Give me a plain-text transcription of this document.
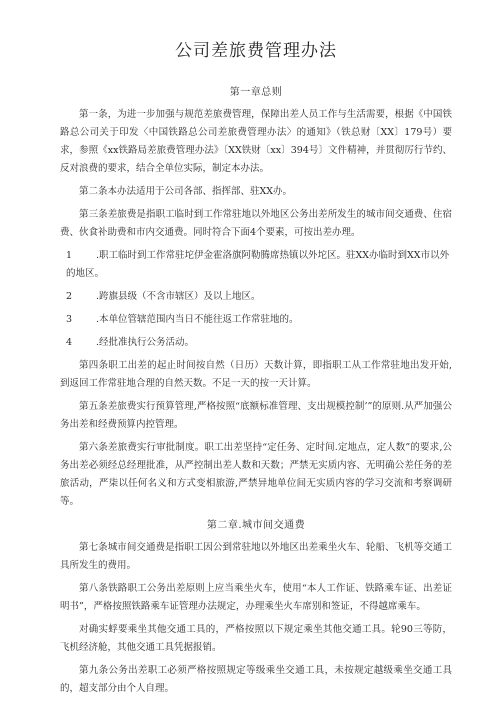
公司差旅费管理办法
第一章总则

第一条，为进一步加强与规范差旅费管理，保障出差人员工作与生活需要，根据《中国铁路总公司关于印发〈中国铁路总公司差旅费管理办法〉的通知》（铁总财〔XX〕179号）要求，参照《xx铁路局差旅费管理办法》〔XX铁财〔xx〕394号〕文件精神，并贯彻厉行节约、反对浪费的要求，结合全单位实际，制定本办法。

第二条本办法适用于公司各部、指挥部、驻XX办。

第三条差旅费是指职工临时到工作常驻地以外地区公务出差所发生的城市间交通费、住宿费、伙食补助费和市内交通费。同时符合下面4个要素，可按出差办理。

1	.职工临时到工作常驻坨伊金霍洛旗阿勒腾席热镇以外坨区。驻XX办临时到XX市以外的地区。
2	.跨旗县级（不含市辖区）及以上地区。
3	.本单位管辖范围内当日不能往返工作常驻地的。
4	.经批准执行公务活动。

第四条职工出差的起止时间按自然（日历）天数计算，即指职工从工作常驻地出发开始,到返回工作常驻地合理的自然天数。不足一天的按一天计算。

第五条差旅费实行预算管理,严格按照“底额标准管理、支出规模控制’”的原则.从严加强公务出差和经费预算内控管理。

第六条差旅费实行审批制度。职工出差坚持“定任务、定时间.定地点，定人数”的要求,公务出差必须经总经理批准，从严控制出差人数和天数；严禁无实质内容、无明确公差任务的差旅活动，严柒以任何名义和方式变相旅游,严禁异地单位间无实质内容的学习交流和考察调研等。

第二章.城市间交通费

第七条城市间交通费是指职工因公到常驻地以外地区出差乘坐火车、轮船、飞机等交通工具所发生的费用。

第八条铁路职工公务出差原则上应当乘坐火车，使用“本人工作证、铁路乘车证、出差证明书”，严格按照铁路乘车证管理办法规定，办理乘坐火车席别和签证，不得越席乘车。

对确实蜉要乘坐其他交通工具的，严格按照以下规定乘坐其他交通工具。轮90三等防，飞机经济舱，其他交通工具凭据报销。

第九条公务出差职工必须严格按照规定等级乘坐交通工具，未按规定越级乘坐交通工具的，超支部分由个人自理。
